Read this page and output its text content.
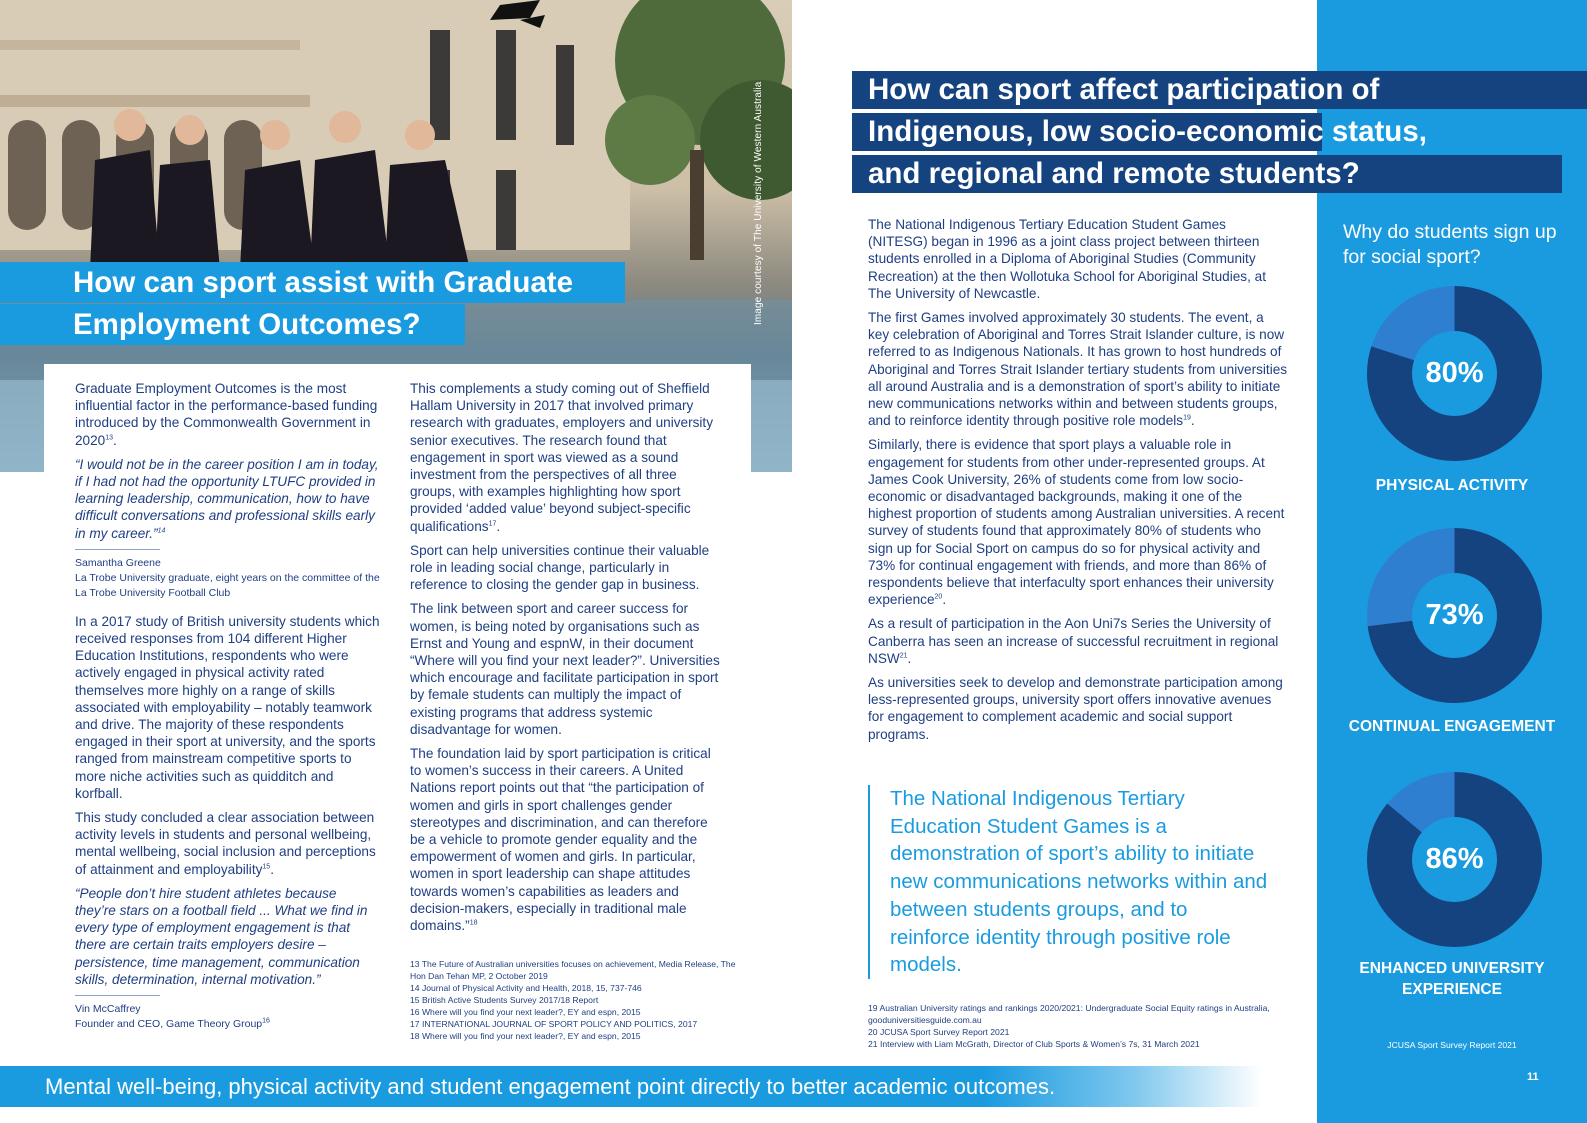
Image courtesy of The University of Western Australia
How can sport assist with Graduate
Employment Outcomes?

Graduate Employment Outcomes is the most influential factor in the performance-based funding introduced by the Commonwealth Government in 2020$^{13}$.

“I would not be in the career position I am in today, if I had not had the opportunity LTUFC provided in learning leadership, communication, how to have difficult conversations and professional skills early in my career.”$^{14}$

Samantha Greene
La Trobe University graduate, eight years on the committee of the La Trobe University Football Club

In a 2017 study of British university students which received responses from 104 different Higher Education Institutions, respondents who were actively engaged in physical activity rated themselves more highly on a range of skills associated with employability – notably teamwork and drive. The majority of these respondents engaged in their sport at university, and the sports ranged from mainstream competitive sports to more niche activities such as quidditch and korfball.

This study concluded a clear association between activity levels in students and personal wellbeing, mental wellbeing, social inclusion and perceptions of attainment and employability$^{15}$.

“People don’t hire student athletes because they’re stars on a football field ... What we find in every type of employment engagement is that there are certain traits employers desire – persistence, time management, communication skills, determination, internal motivation.”

Vin McCaffrey
Founder and CEO, Game Theory Group$^{16}$

This complements a study coming out of Sheffield Hallam University in 2017 that involved primary research with graduates, employers and university senior executives. The research found that engagement in sport was viewed as a sound investment from the perspectives of all three groups, with examples highlighting how sport provided ‘added value’ beyond subject-specific qualifications$^{17}$.

Sport can help universities continue their valuable role in leading social change, particularly in reference to closing the gender gap in business.

The link between sport and career success for women, is being noted by organisations such as Ernst and Young and espnW, in their document “Where will you find your next leader?”. Universities which encourage and facilitate participation in sport by female students can multiply the impact of existing programs that address systemic disadvantage for women.

The foundation laid by sport participation is critical to women’s success in their careers. A United Nations report points out that “the participation of women and girls in sport challenges gender stereotypes and discrimination, and can therefore be a vehicle to promote gender equality and the empowerment of women and girls. In particular, women in sport leadership can shape attitudes towards women’s capabilities as leaders and decision-makers, especially in traditional male domains.”$^{18}$

13 The Future of Australian universities focuses on achievement, Media Release, The Hon Dan Tehan MP, 2 October 2019
14 Journal of Physical Activity and Health, 2018, 15, 737-746
15 British Active Students Survey 2017/18 Report
16 Where will you find your next leader?, EY and espn, 2015
17 INTERNATIONAL JOURNAL OF SPORT POLICY AND POLITICS, 2017
18 Where will you find your next leader?, EY and espn, 2015
How can sport affect participation of
Indigenous, low socio-economic status,
and regional and remote students?

The National Indigenous Tertiary Education Student Games (NITESG) began in 1996 as a joint class project between thirteen students enrolled in a Diploma of Aboriginal Studies (Community Recreation) at the then Wollotuka School for Aboriginal Studies, at The University of Newcastle.

The first Games involved approximately 30 students. The event, a key celebration of Aboriginal and Torres Strait Islander culture, is now referred to as Indigenous Nationals. It has grown to host hundreds of Aboriginal and Torres Strait Islander tertiary students from universities all around Australia and is a demonstration of sport’s ability to initiate new communications networks within and between students groups, and to reinforce identity through positive role models$^{19}$.

Similarly, there is evidence that sport plays a valuable role in engagement for students from other under-represented groups. At James Cook University, 26% of students come from low socio-economic or disadvantaged backgrounds, making it one of the highest proportion of students among Australian universities. A recent survey of students found that approximately 80% of students who sign up for Social Sport on campus do so for physical activity and 73% for continual engagement with friends, and more than 86% of respondents believe that interfaculty sport enhances their university experience$^{20}$.

As a result of participation in the Aon Uni7s Series the University of Canberra has seen an increase of successful recruitment in regional NSW$^{21}$.

As universities seek to develop and demonstrate participation among less-represented groups, university sport offers innovative avenues for engagement to complement academic and social support programs.

The National Indigenous Tertiary Education Student Games is a demonstration of sport’s ability to initiate new communications networks within and between students groups, and to reinforce identity through positive role models.
19 Australian University ratings and rankings 2020/2021: Undergraduate Social Equity ratings in Australia, gooduniversitiesguide.com.au
20 JCUSA Sport Survey Report 2021
21 Interview with Liam McGrath, Director of Club Sports & Women’s 7s, 31 March 2021
Why do students sign up for social sport?
80%
PHYSICAL ACTIVITY
73%
CONTINUAL ENGAGEMENT
86%
ENHANCED UNIVERSITY EXPERIENCE
JCUSA Sport Survey Report 2021
11
Mental well-being, physical activity and student engagement point directly to better academic outcomes.
